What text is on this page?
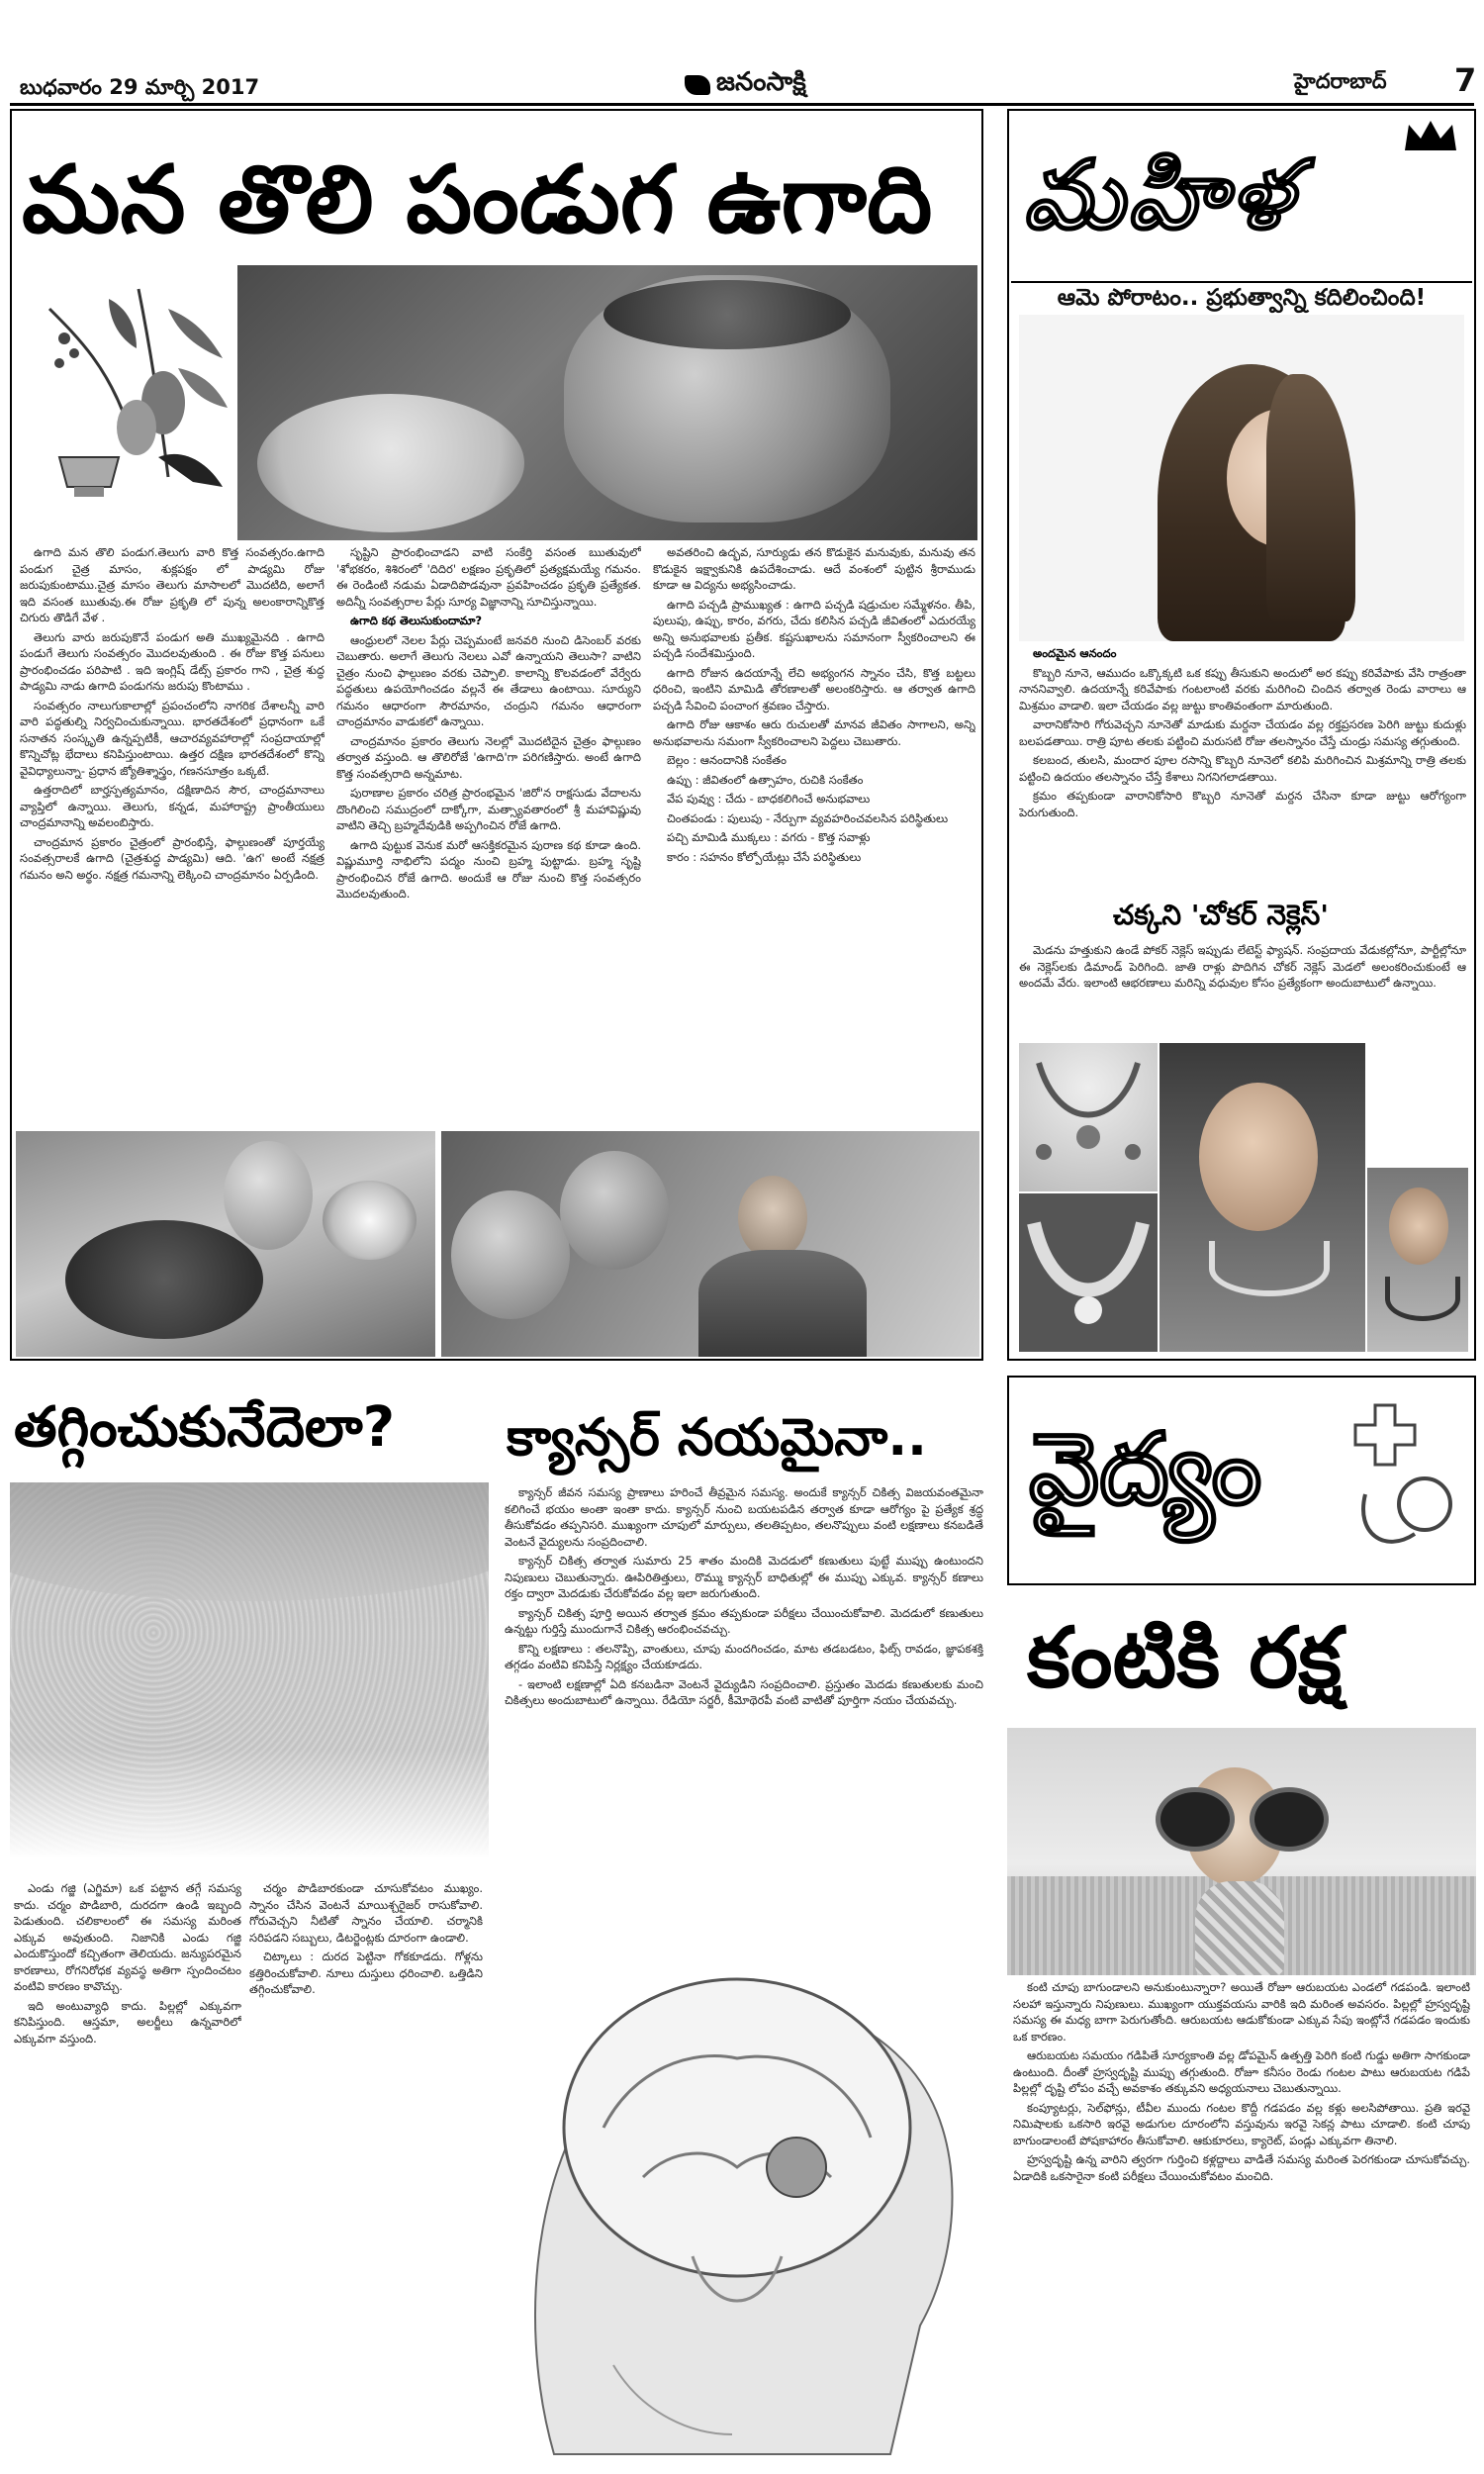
బుధవారం 29 మార్చి 2017	జనంసాక్షి	హైదరాబాద్ 7
మన తొలి పండుగ ఉగాది

ఉగాది మన తొలి పండుగ.తెలుగు వారి కొత్త సంవత్సరం.ఉగాది పండుగ చైత్ర మాసం, శుక్లపక్షం లో పాడ్యమి రోజు జరుపుకుంటాము.చైత్ర మాసం తెలుగు మాసాలలో మొదటిది, అలాగే ఇది వసంత ఋతువు.ఈ రోజు ప్రకృతి లో పున్న అలంకారాన్నికొత్త చిగురు తొడిగే వేళ .

తెలుగు వారు జరుపుకొనే పండుగ అతి ముఖ్యమైనది . ఉగాది పండుగే తెలుగు సంవత్సరం మొదలవుతుంది . ఈ రోజు కొత్త పనులు ప్రారంభించడం పరిపాటి . ఇది ఇంగ్లిష్ డేట్స్ ప్రకారం గాని , చైత్ర శుద్ధ పాడ్యమి నాడు ఉగాది పండుగను జరుపు కొంటాము .

సంవత్సరం నాలుగుకాలాల్లో ప్రపంచంలోని నాగరిక దేశాలన్నీ వారి వారి పద్ధతుల్ని నిర్వచించుకున్నాయి. భారతదేశంలో ప్రధానంగా ఒకే సనాతన సంస్కృతి ఉన్నప్పటికీ, ఆచారవ్యవహారాల్లో సంప్రదాయాల్లో కొన్నిచోట్ల భేదాలు కనిపిస్తుంటాయి. ఉత్తర దక్షిణ భారతదేశంలో కొన్ని వైవిధ్యాలున్నా- ప్రధాన జ్యోతిశ్శాస్త్రం, గణనసూత్రం ఒక్కటే.

ఉత్తరాదిలో బార్హస్పత్యమానం, దక్షిణాదిన సౌర, చాంద్రమానాలు వ్యాప్తిలో ఉన్నాయి. తెలుగు, కన్నడ, మహారాష్ట్ర ప్రాంతీయులు చాంద్రమానాన్ని అవలంబిస్తారు.

చాంద్రమాన ప్రకారం చైత్రంలో ప్రారంభిస్తే, ఫాల్గుణంతో పూర్తయ్యే సంవత్సరాలకే ఉగాది (చైత్రశుద్ధ పాడ్యమి) ఆది. 'ఉగ' అంటే నక్షత్ర గమనం అని అర్థం. నక్షత్ర గమనాన్ని లెక్కించి చాంద్రమానం ఏర్పడింది.

సృష్టిని ప్రారంభించాడని వాటి సంకేర్తి వసంత ఋతువులో 'శోభకరం, శిశిరంలో 'దిదిర' లక్షణం ప్రకృతిలో ప్రత్యక్షమయ్యే గమనం. ఈ రెండింటి నడుమ ఏడాదిపొడవునా ప్రవహించడం ప్రకృతి ప్రత్యేకత. అదిన్నీ సంవత్సరాల పేర్లు సూర్య విజ్ఞానాన్ని సూచిస్తున్నాయి.

ఉగాది కథ తెలుసుకుందామా?

ఆంధ్రులలో నెలల పేర్లు చెప్పమంటే జనవరి నుంచి డిసెంబర్ వరకు చెబుతారు. అలాగే తెలుగు నెలలు ఎవో ఉన్నాయని తెలుసా? వాటిని చైత్రం నుంచి ఫాల్గుణం వరకు చెప్పాలి. కాలాన్ని కొలవడంలో వేర్వేరు పద్ధతులు ఉపయోగించడం వల్లనే ఈ తేడాలు ఉంటాయి. సూర్యుని గమనం ఆధారంగా సౌరమానం, చంద్రుని గమనం ఆధారంగా చాంద్రమానం వాడుకలో ఉన్నాయి.

చాంద్రమానం ప్రకారం తెలుగు నెలల్లో మొదటిదైన చైత్రం ఫాల్గుణం తర్వాత వస్తుంది. ఆ తొలిరోజే 'ఉగాది'గా పరిగణిస్తారు. అంటే ఉగాది కొత్త సంవత్సరాది అన్నమాట.

పురాణాల ప్రకారం చరిత్ర ప్రారంభమైన 'జిరో'న రాక్షసుడు వేదాలను దొంగిలించి సముద్రంలో దాక్కోగా, మత్స్యావతారంలో శ్రీ మహావిష్ణువు వాటిని తెచ్చి బ్రహ్మదేవుడికి అప్పగించిన రోజే ఉగాది.

ఉగాది పుట్టుక వెనుక మరో ఆసక్తికరమైన పురాణ కథ కూడా ఉంది. విష్ణుమూర్తి నాభిలోని పద్మం నుంచి బ్రహ్మ పుట్టాడు. బ్రహ్మ సృష్టి ప్రారంభించిన రోజే ఉగాది. అందుకే ఆ రోజు నుంచి కొత్త సంవత్సరం మొదలవుతుంది.

అవతరించి ఉద్భవ, సూర్యుడు తన కొడుకైన మనువుకు, మనువు తన కొడుకైన ఇక్ష్వాకునికి ఉపదేశించాడు. ఆదే వంశంలో పుట్టిన శ్రీరాముడు కూడా ఆ విద్యను అభ్యసించాడు.

ఉగాది పచ్చడి ప్రాముఖ్యత : ఉగాది పచ్చడి షడ్రుచుల సమ్మేళనం. తీపి, పులుపు, ఉప్పు, కారం, వగరు, చేదు కలిసిన పచ్చడి జీవితంలో ఎదురయ్యే అన్ని అనుభవాలకు ప్రతీక. కష్టసుఖాలను సమానంగా స్వీకరించాలని ఈ పచ్చడి సందేశమిస్తుంది.

ఉగాది రోజున ఉదయాన్నే లేచి అభ్యంగన స్నానం చేసి, కొత్త బట్టలు ధరించి, ఇంటిని మామిడి తోరణాలతో అలంకరిస్తారు. ఆ తర్వాత ఉగాది పచ్చడి సేవించి పంచాంగ శ్రవణం చేస్తారు.

ఉగాది రోజు ఆకాశం ఆరు రుచులతో మానవ జీవితం సాగాలని, అన్ని అనుభవాలను సమంగా స్వీకరించాలని పెద్దలు చెబుతారు.

బెల్లం : ఆనందానికి సంకేతం

ఉప్పు : జీవితంలో ఉత్సాహం, రుచికి సంకేతం

వేప పువ్వు : చేదు - బాధకలిగించే అనుభవాలు

చింతపండు : పులుపు - నేర్పుగా వ్యవహరించవలసిన పరిస్థితులు

పచ్చి మామిడి ముక్కలు : వగరు - కొత్త సవాళ్లు

కారం : సహనం కోల్పోయేట్లు చేసే పరిస్థితులు

మహిళ
ఆమె పోరాటం.. ప్రభుత్వాన్ని కదిలించింది!

అందమైన ఆనందం

కొబ్బరి నూనె, ఆముదం ఒక్కొక్కటి ఒక కప్పు తీసుకుని అందులో అర కప్పు కరివేపాకు వేసి రాత్రంతా నాననివ్వాలి. ఉదయాన్నే కరివేపాకు గంటలాంటి వరకు మరిగించి చిందిన తర్వాత రెండు వారాలు ఆ మిశ్రమం వాడాలి. ఇలా చేయడం వల్ల జుట్టు కాంతివంతంగా మారుతుంది.

వారానికోసారి గోరువెచ్చని నూనెతో మాడుకు మర్దనా చేయడం వల్ల రక్తప్రసరణ పెరిగి జుట్టు కుదుళ్లు బలపడతాయి. రాత్రి పూట తలకు పట్టించి మరుసటి రోజు తలస్నానం చేస్తే చుండ్రు సమస్య తగ్గుతుంది.

కలబంద, తులసి, మందార పూల రసాన్ని కొబ్బరి నూనెలో కలిపి మరిగించిన మిశ్రమాన్ని రాత్రి తలకు పట్టించి ఉదయం తలస్నానం చేస్తే కేశాలు నిగనిగలాడతాయి.

క్రమం తప్పకుండా వారానికోసారి కొబ్బరి నూనెతో మర్దన చేసినా కూడా జుట్టు ఆరోగ్యంగా పెరుగుతుంది.

చక్కని 'చోకర్ నెక్లెస్'

మెడను హత్తుకుని ఉండే పోకర్ నెక్లెస్ ఇప్పుడు లేటెస్ట్ ఫ్యాషన్. సంప్రదాయ వేడుకల్లోనూ, పార్టీల్లోనూ ఈ నెక్లెస్‌లకు డిమాండ్ పెరిగింది. జాతి రాళ్లు పొదిగిన చోకర్ నెక్లెస్ మెడలో అలంకరించుకుంటే ఆ అందమే వేరు. ఇలాంటి ఆభరణాలు మరిన్ని వధువుల కోసం ప్రత్యేకంగా అందుబాటులో ఉన్నాయి.

తగ్గించుకునేదెలా? క్యాన్సర్ నయమైనా..

క్యాన్సర్ జీవన సమస్య ప్రాణాలు హరించే తీవ్రమైన సమస్య. అందుకే క్యాన్సర్ చికిత్స విజయవంతమైనా కలిగించే భయం అంతా ఇంతా కాదు. క్యాన్సర్ నుంచి బయటపడిన తర్వాత కూడా ఆరోగ్యం పై ప్రత్యేక శ్రద్ధ తీసుకోవడం తప్పనిసరి. ముఖ్యంగా చూపులో మార్పులు, తలతిప్పటం, తలనొప్పులు వంటి లక్షణాలు కనబడితే వెంటనే వైద్యులను సంప్రదించాలి.

క్యాన్సర్ చికిత్స తర్వాత సుమారు 25 శాతం మందికి మెదడులో కణుతులు పుట్టే ముప్పు ఉంటుందని నిపుణులు చెబుతున్నారు. ఊపిరితిత్తులు, రొమ్ము క్యాన్సర్ బాధితుల్లో ఈ ముప్పు ఎక్కువ. క్యాన్సర్ కణాలు రక్తం ద్వారా మెదడుకు చేరుకోవడం వల్ల ఇలా జరుగుతుంది.

క్యాన్సర్ చికిత్స పూర్తి అయిన తర్వాత క్రమం తప్పకుండా పరీక్షలు చేయించుకోవాలి. మెదడులో కణుతులు ఉన్నట్టు గుర్తిస్తే ముందుగానే చికిత్స ఆరంభించవచ్చు.

కొన్ని లక్షణాలు : తలనొప్పి, వాంతులు, చూపు మందగించడం, మాట తడబడటం, ఫిట్స్ రావడం, జ్ఞాపకశక్తి తగ్గడం వంటివి కనిపిస్తే నిర్లక్ష్యం చేయకూడదు.

- ఇలాంటి లక్షణాల్లో ఏది కనబడినా వెంటనే వైద్యుడిని సంప్రదించాలి. ప్రస్తుతం మెదడు కణుతులకు మంచి చికిత్సలు అందుబాటులో ఉన్నాయి. రేడియో సర్జరీ, కీమోథెరపీ వంటి వాటితో పూర్తిగా నయం చేయవచ్చు.

ఎండు గజ్జి (ఎగ్జిమా) ఒక పట్టాన తగ్గే సమస్య కాదు. చర్మం పొడిబారి, దురదగా ఉండి ఇబ్బంది పెడుతుంది. చలికాలంలో ఈ సమస్య మరింత ఎక్కువ అవుతుంది. నిజానికి ఎండు గజ్జి ఎందుకొస్తుందో కచ్చితంగా తెలియదు. జన్యుపరమైన కారణాలు, రోగనిరోధక వ్యవస్థ అతిగా స్పందించటం వంటివి కారణం కావొచ్చు.

ఇది అంటువ్యాధి కాదు. పిల్లల్లో ఎక్కువగా కనిపిస్తుంది. ఆస్తమా, అలర్జీలు ఉన్నవారిలో ఎక్కువగా వస్తుంది.

చర్మం పొడిబారకుండా చూసుకోవటం ముఖ్యం. స్నానం చేసిన వెంటనే మాయిశ్చరైజర్ రాసుకోవాలి. గోరువెచ్చని నీటితో స్నానం చేయాలి. చర్మానికి సరిపడని సబ్బులు, డిటర్జెంట్లకు దూరంగా ఉండాలి.

చిట్కాలు : దురద పెట్టినా గోకకూడదు. గోళ్లను కత్తిరించుకోవాలి. నూలు దుస్తులు ధరించాలి. ఒత్తిడిని తగ్గించుకోవాలి.

వైద్యం
కంటికి రక్ష

కంటి చూపు బాగుండాలని అనుకుంటున్నారా? అయితే రోజూ ఆరుబయట ఎండలో గడపండి. ఇలాంటి సలహా ఇస్తున్నారు నిపుణులు. ముఖ్యంగా యుక్తవయసు వారికి ఇది మరింత అవసరం. పిల్లల్లో హ్రస్వదృష్టి సమస్య ఈ మధ్య బాగా పెరుగుతోంది. ఆరుబయట ఆడుకోకుండా ఎక్కువ సేపు ఇంట్లోనే గడపడం ఇందుకు ఒక కారణం.

ఆరుబయట సమయం గడిపితే సూర్యకాంతి వల్ల డోపమైన్ ఉత్పత్తి పెరిగి కంటి గుడ్డు అతిగా సాగకుండా ఉంటుంది. దీంతో హ్రస్వదృష్టి ముప్పు తగ్గుతుంది. రోజూ కనీసం రెండు గంటల పాటు ఆరుబయట గడిపే పిల్లల్లో దృష్టి లోపం వచ్చే అవకాశం తక్కువని అధ్యయనాలు చెబుతున్నాయి.

కంప్యూటర్లు, సెల్‌ఫోన్లు, టీవీల ముందు గంటల కొద్దీ గడపడం వల్ల కళ్లు అలసిపోతాయి. ప్రతి ఇరవై నిమిషాలకు ఒకసారి ఇరవై అడుగుల దూరంలోని వస్తువును ఇరవై సెకన్ల పాటు చూడాలి. కంటి చూపు బాగుండాలంటే పోషకాహారం తీసుకోవాలి. ఆకుకూరలు, క్యారెట్, పండ్లు ఎక్కువగా తినాలి.

హ్రస్వదృష్టి ఉన్న వారిని త్వరగా గుర్తించి కళ్లద్దాలు వాడితే సమస్య మరింత పెరగకుండా చూసుకోవచ్చు. ఏడాదికి ఒకసారైనా కంటి పరీక్షలు చేయించుకోవటం మంచిది.
